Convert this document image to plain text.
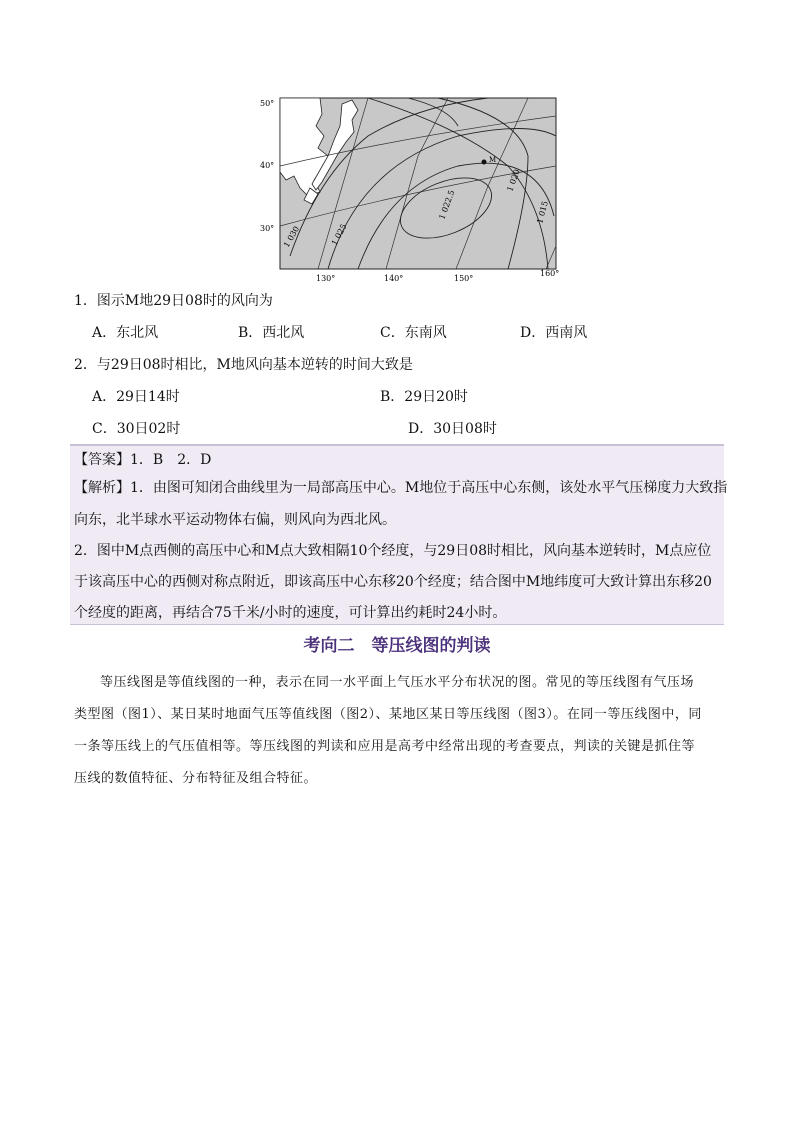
M
1 030	1 025
1 022.5
1 020
1 015
50°
40°
30°
130°	140°	150°
160°
1．图示M地29日08时的风向为
A．东北风	B．西北风	C．东南风	D．西南风
2．与29日08时相比，M地风向基本逆转的时间大致是
A．29日14时	B．29日20时
C．30日02时	D．30日08时
【答案】1．B　2．D
【解析】1．由图可知闭合曲线里为一局部高压中心。M地位于高压中心东侧，该处水平气压梯度力大致指
向东，北半球水平运动物体右偏，则风向为西北风。
2．图中M点西侧的高压中心和M点大致相隔10个经度，与29日08时相比，风向基本逆转时，M点应位
于该高压中心的西侧对称点附近，即该高压中心东移20个经度；结合图中M地纬度可大致计算出东移20
个经度的距离，再结合75千米/小时的速度，可计算出约耗时24小时。
考向二　等压线图的判读
等压线图是等值线图的一种，表示在同一水平面上气压水平分布状况的图。常见的等压线图有气压场
类型图（图1）、某日某时地面气压等值线图（图2）、某地区某日等压线图（图3）。在同一等压线图中，同
一条等压线上的气压值相等。等压线图的判读和应用是高考中经常出现的考查要点，判读的关键是抓住等
压线的数值特征、分布特征及组合特征。
